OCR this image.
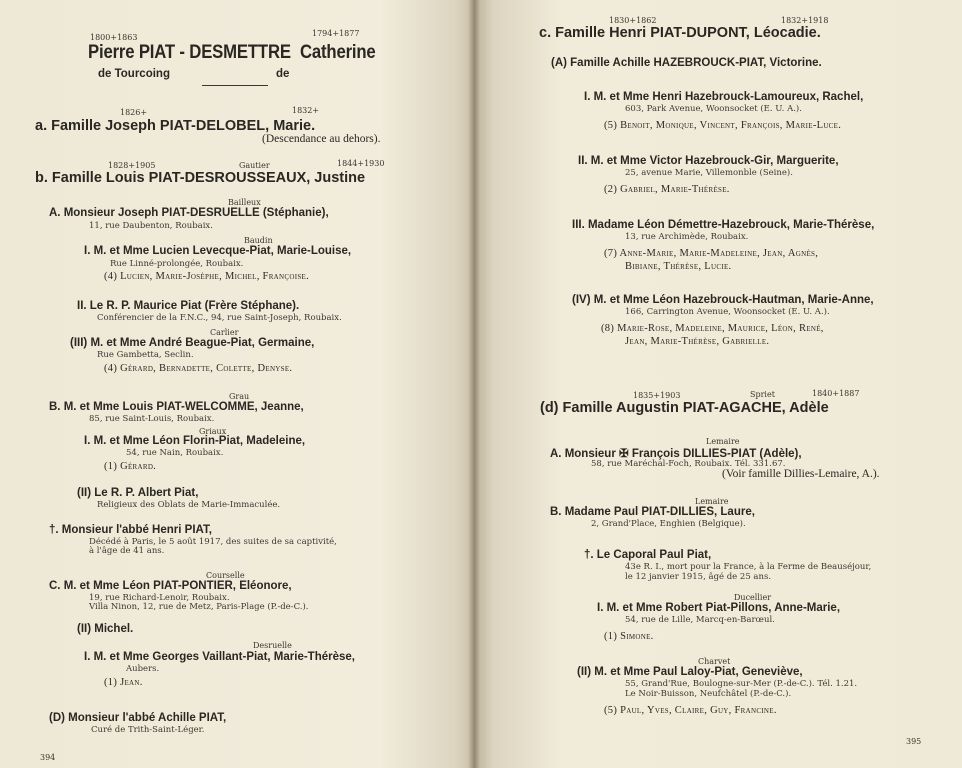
1800+1863	1794+1877
Pierre PIAT - DESMETTRE Catherine
de Tourcoing	de
1826+	1832+
a. Famille Joseph PIAT-DELOBEL, Marie.
(Descendance au dehors).
1828+1905	Gautier	1844+1930
b. Famille Louis PIAT-DESROUSSEAUX, Justine
Bailleux
A. Monsieur Joseph PIAT-DESRUELLE (Stéphanie),
11, rue Daubenton, Roubaix.
Baudin
I. M. et Mme Lucien Levecque-Piat, Marie-Louise,
Rue Linné-prolongée, Roubaix.
(4) Lucien, Marie-Josèphe, Michel, Françoise.
II. Le R. P. Maurice Piat (Frère Stéphane).
Conférencier de la F.N.C., 94, rue Saint-Joseph, Roubaix.
Carlier
(III) M. et Mme André Beague-Piat, Germaine,
Rue Gambetta, Seclin.
(4) Gérard, Bernadette, Colette, Denyse.
Grau
B. M. et Mme Louis PIAT-WELCOMME, Jeanne,
85, rue Saint-Louis, Roubaix.
Griaux
I. M. et Mme Léon Florin-Piat, Madeleine,
54, rue Nain, Roubaix.
(1) Gérard.
(II) Le R. P. Albert Piat,
Religieux des Oblats de Marie-Immaculée.
†. Monsieur l'abbé Henri PIAT,
Décédé à Paris, le 5 août 1917, des suites de sa captivité,
à l'âge de 41 ans.
Courselle
C. M. et Mme Léon PIAT-PONTIER, Eléonore,
19, rue Richard-Lenoir, Roubaix.
Villa Ninon, 12, rue de Metz, Paris-Plage (P.-de-C.).
(II) Michel.
Desruelle
I. M. et Mme Georges Vaillant-Piat, Marie-Thérèse,
Aubers.
(1) Jean.
(D) Monsieur l'abbé Achille PIAT,
Curé de Trith-Saint-Léger.
394
1830+1862	1832+1918
c. Famille Henri PIAT-DUPONT, Léocadie.
(A) Famille Achille HAZEBROUCK-PIAT, Victorine.
I. M. et Mme Henri Hazebrouck-Lamoureux, Rachel,
603, Park Avenue, Woonsocket (E. U. A.).
(5) Benoit, Monique, Vincent, François, Marie-Luce.
II. M. et Mme Victor Hazebrouck-Gir, Marguerite,
25, avenue Marie, Villemonble (Seine).
(2) Gabriel, Marie-Thérèse.
III. Madame Léon Démettre-Hazebrouck, Marie-Thérèse,
13, rue Archimède, Roubaix.
(7) Anne-Marie, Marie-Madeleine, Jean, Agnès,
Bibiane, Thérèse, Lucie.
(IV) M. et Mme Léon Hazebrouck-Hautman, Marie-Anne,
166, Carrington Avenue, Woonsocket (E. U. A.).
(8) Marie-Rose, Madeleine, Maurice, Léon, René,
Jean, Marie-Thérèse, Gabrielle.
1835+1903	Spriet	1840+1887
(d) Famille Augustin PIAT-AGACHE, Adèle
Lemaire
A. Monsieur ✠ François DILLIES-PIAT (Adèle),
58, rue Maréchal-Foch, Roubaix. Tél. 331.67.
(Voir famille Dillies-Lemaire, A.).
Lemaire
B. Madame Paul PIAT-DILLIES, Laure,
2, Grand'Place, Enghien (Belgique).
†. Le Caporal Paul Piat,
43e R. I., mort pour la France, à la Ferme de Beauséjour,
le 12 janvier 1915, âgé de 25 ans.
Ducellier
I. M. et Mme Robert Piat-Pillons, Anne-Marie,
54, rue de Lille, Marcq-en-Barœul.
(1) Simone.
Charvet
(II) M. et Mme Paul Laloy-Piat, Geneviève,
55, Grand'Rue, Boulogne-sur-Mer (P.-de-C.). Tél. 1.21.
Le Noir-Buisson, Neufchâtel (P.-de-C.).
(5) Paul, Yves, Claire, Guy, Francine.
395
